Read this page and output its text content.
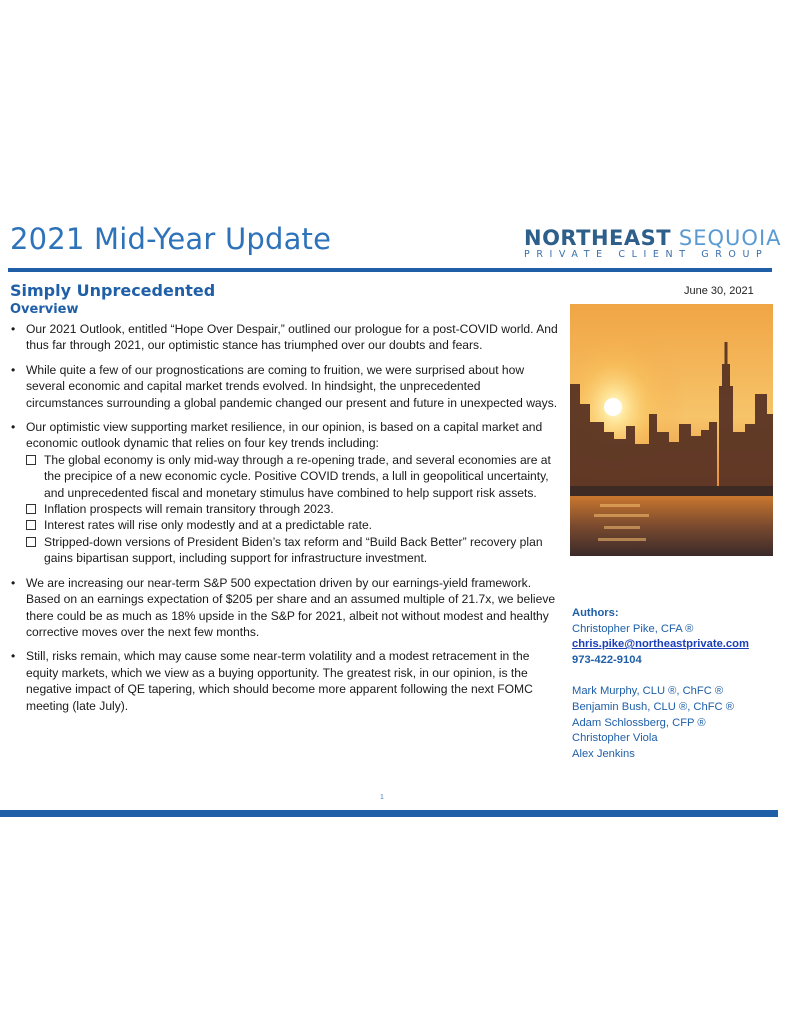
2021 Mid-Year Update	NORTHEAST SEQUOIA
PRIVATE CLIENT GROUP
Simply Unprecedented
Overview
June 30, 2021
• Our 2021 Outlook, entitled “Hope Over Despair,” outlined our prologue for a post-COVID world. And thus far through 2021, our optimistic stance has triumphed over our doubts and fears.
• While quite a few of our prognostications are coming to fruition, we were surprised about how several economic and capital market trends evolved. In hindsight, the unprecedented circumstances surrounding a global pandemic changed our present and future in unexpected ways.
• Our optimistic view supporting market resilience, in our opinion, is based on a capital market and economic outlook dynamic that relies on four key trends including:
The global economy is only mid-way through a re-opening trade, and several economies are at the precipice of a new economic cycle. Positive COVID trends, a lull in geopolitical uncertainty, and unprecedented fiscal and monetary stimulus have combined to help support risk assets.
Inflation prospects will remain transitory through 2023.
Interest rates will rise only modestly and at a predictable rate.
Stripped-down versions of President Biden’s tax reform and “Build Back Better” recovery plan gains bipartisan support, including support for infrastructure investment.
• We are increasing our near-term S&P 500 expectation driven by our earnings-yield framework. Based on an earnings expectation of $205 per share and an assumed multiple of 21.7x, we believe there could be as much as 18% upside in the S&P for 2021, albeit not without modest and healthy corrective moves over the next few months.
• Still, risks remain, which may cause some near-term volatility and a modest retracement in the equity markets, which we view as a buying opportunity. The greatest risk, in our opinion, is the negative impact of QE tapering, which should become more apparent following the next FOMC meeting (late July).
Authors:
Christopher Pike, CFA ®
chris.pike@northeastprivate.com
973-422-9104
Mark Murphy, CLU ®, ChFC ®
Benjamin Bush, CLU ®, ChFC ®
Adam Schlossberg, CFP ®
Christopher Viola
Alex Jenkins
1
